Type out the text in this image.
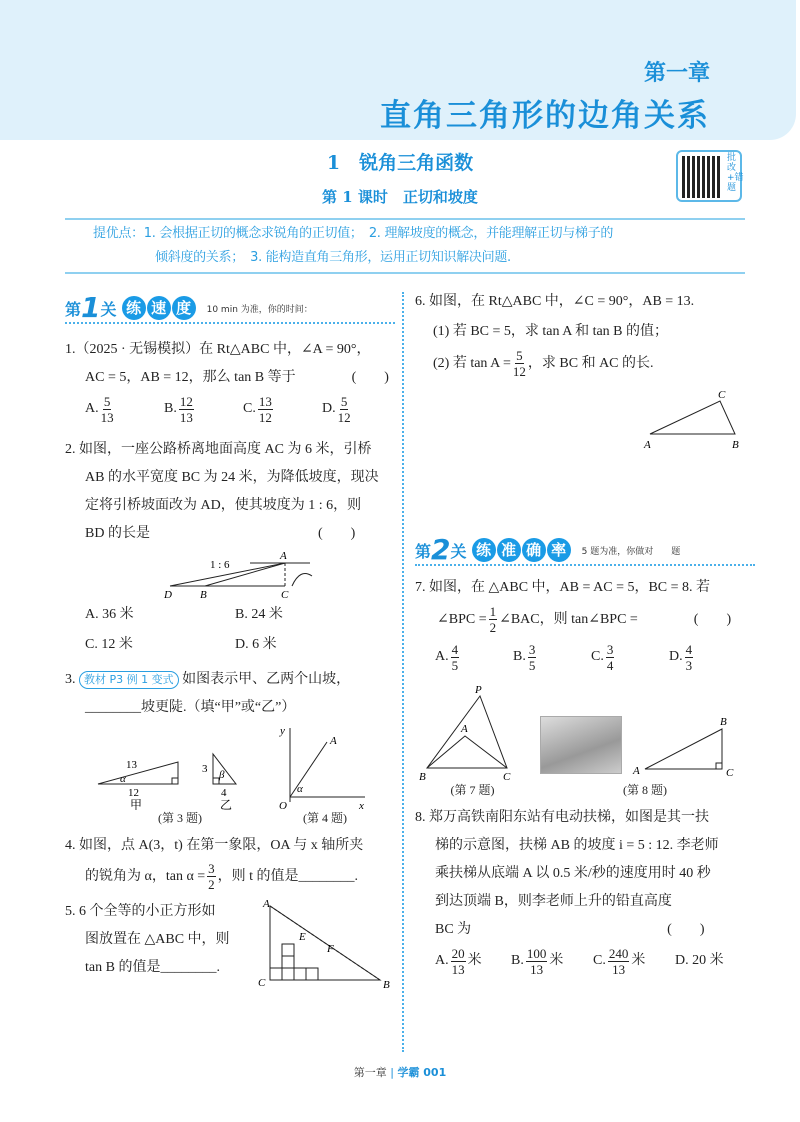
第一章
直角三角形的边角关系
1　锐角三角函数
第 1 课时　正切和坡度
批改+错题
提优点：1. 会根据正切的概念求锐角的正切值；　2. 理解坡度的概念，并能理解正切与梯子的
倾斜度的关系；　3. 能构造直角三角形，运用正切知识解决问题.
第 1 关
练 速 度	10 min 为准，你的时间：
1.（2025 · 无锡模拟）在 Rt△ABC 中，∠A = 90°，
AC = 5，AB = 12，那么 tan B 等于　　　　(　　)
A. $\frac{5}{13}$	B. $\frac{12}{13}$	C. $\frac{13}{12}$	D. $\frac{5}{12}$
2. 如图，一座公路桥离地面高度 AC 为 6 米，引桥
AB 的水平宽度 BC 为 24 米，为降低坡度，现决
定将引桥坡面改为 AD，使其坡度为 1 : 6，则
BD 的长是　　　　　　　　　　　　(　　)
1 : 6
A
B	C
D
A. 36 米	B. 24 米
C. 12 米	D. 6 米
3. 教材 P3 例 1 变式 如图表示甲、乙两个山坡，
________坡更陡.（填“甲”或“乙”）
13
12
α
甲
3
4
β
乙
(第 3 题)
y
x
O
A
α
(第 4 题)
4. 如图，点 A(3，t) 在第一象限，OA 与 x 轴所夹
的锐角为 α，$\tan \alpha = \frac{3}{2}$ ，则 t 的值是________.
5. 6 个全等的小正方形如
图放置在 △ABC 中，则
tan B 的值是________.
A
E
F
C	B
6. 如图，在 Rt△ABC 中，∠C = 90°，AB = 13.
(1) 若 BC = 5，求 tan A 和 tan B 的值；
(2) 若 $\tan A = \frac{5}{12}$ ，求 BC 和 AC 的长.
A	B
C
第 2 关
练 准 确 率	5 题为准，你做对　　题
7. 如图，在 △ABC 中，AB = AC = 5，BC = 8. 若
∠BPC = $\frac{1}{2}$ ∠BAC，则 tan∠BPC =　　　　(　　)
A. $\frac{4}{5}$	B. $\frac{3}{5}$	C. $\frac{3}{4}$	D. $\frac{4}{3}$
P
A
B	C
(第 7 题)
A
B
C
(第 8 题)
8. 郑万高铁南阳东站有电动扶梯，如图是其一扶
梯的示意图，扶梯 AB 的坡度 i = 5 : 12. 李老师
乘扶梯从底端 A 以 0.5 米/秒的速度用时 40 秒
到达顶端 B，则李老师上升的铅直高度
BC 为　　　　　　　　　　　　　　(　　)
A. $\frac{20}{13}$ 米 B. $\frac{100}{13}$ 米 C. $\frac{240}{13}$ 米 D.
20 米
第一章 | 学霸 001
